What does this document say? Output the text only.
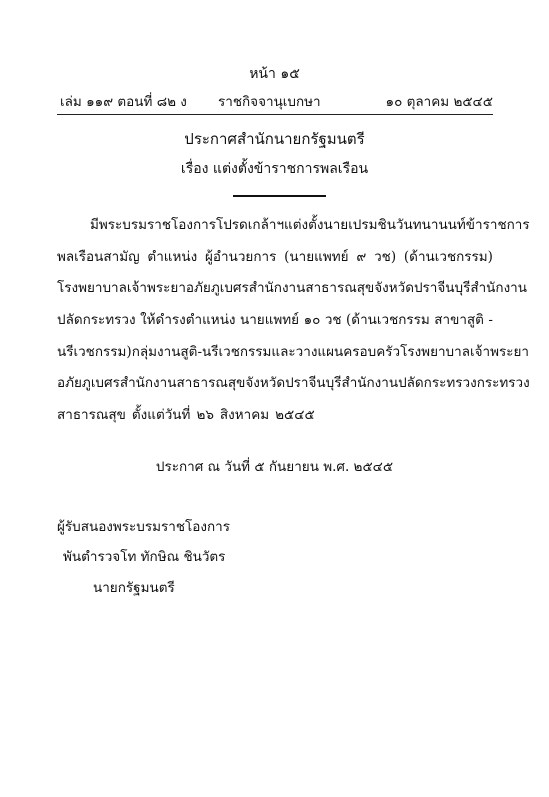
หน้า ๑๕
เล่ม ๑๑๙ ตอนที่ ๘๒ ง ราชกิจจานุเบกษา	๑๐ ตุลาคม ๒๕๔๕
ประกาศสำนักนายกรัฐมนตรี
เรื่อง แต่งตั้งข้าราชการพลเรือน
มีพระบรมราชโองการโปรดเกล้า ฯ แต่งตั้ง นายเปรม ชินวันทนานนท์ ข้าราชการ
พลเรือนสามัญ ตำแหน่ง ผู้อำนวยการ (นายแพทย์ ๙ วช) (ด้านเวชกรรม)
โรงพยาบาลเจ้าพระยาอภัยภูเบศร สำนักงานสาธารณสุขจังหวัดปราจีนบุรี สำนักงาน
ปลัดกระทรวง ให้ดำรงตำแหน่ง นายแพทย์ ๑๐ วช (ด้านเวชกรรม สาขาสูติ -
นรีเวชกรรม) กลุ่มงานสูติ - นรีเวชกรรมและวางแผนครอบครัว โรงพยาบาลเจ้าพระยา
อภัยภูเบศร สำนักงานสาธารณสุขจังหวัดปราจีนบุรี สำนักงานปลัดกระทรวง กระทรวง
สาธารณสุข ตั้งแต่วันที่ ๒๖ สิงหาคม ๒๕๔๕
ประกาศ ณ วันที่ ๕ กันยายน พ.ศ. ๒๕๔๕
ผู้รับสนองพระบรมราชโองการ
พันตำรวจโท ทักษิณ ชินวัตร
นายกรัฐมนตรี
